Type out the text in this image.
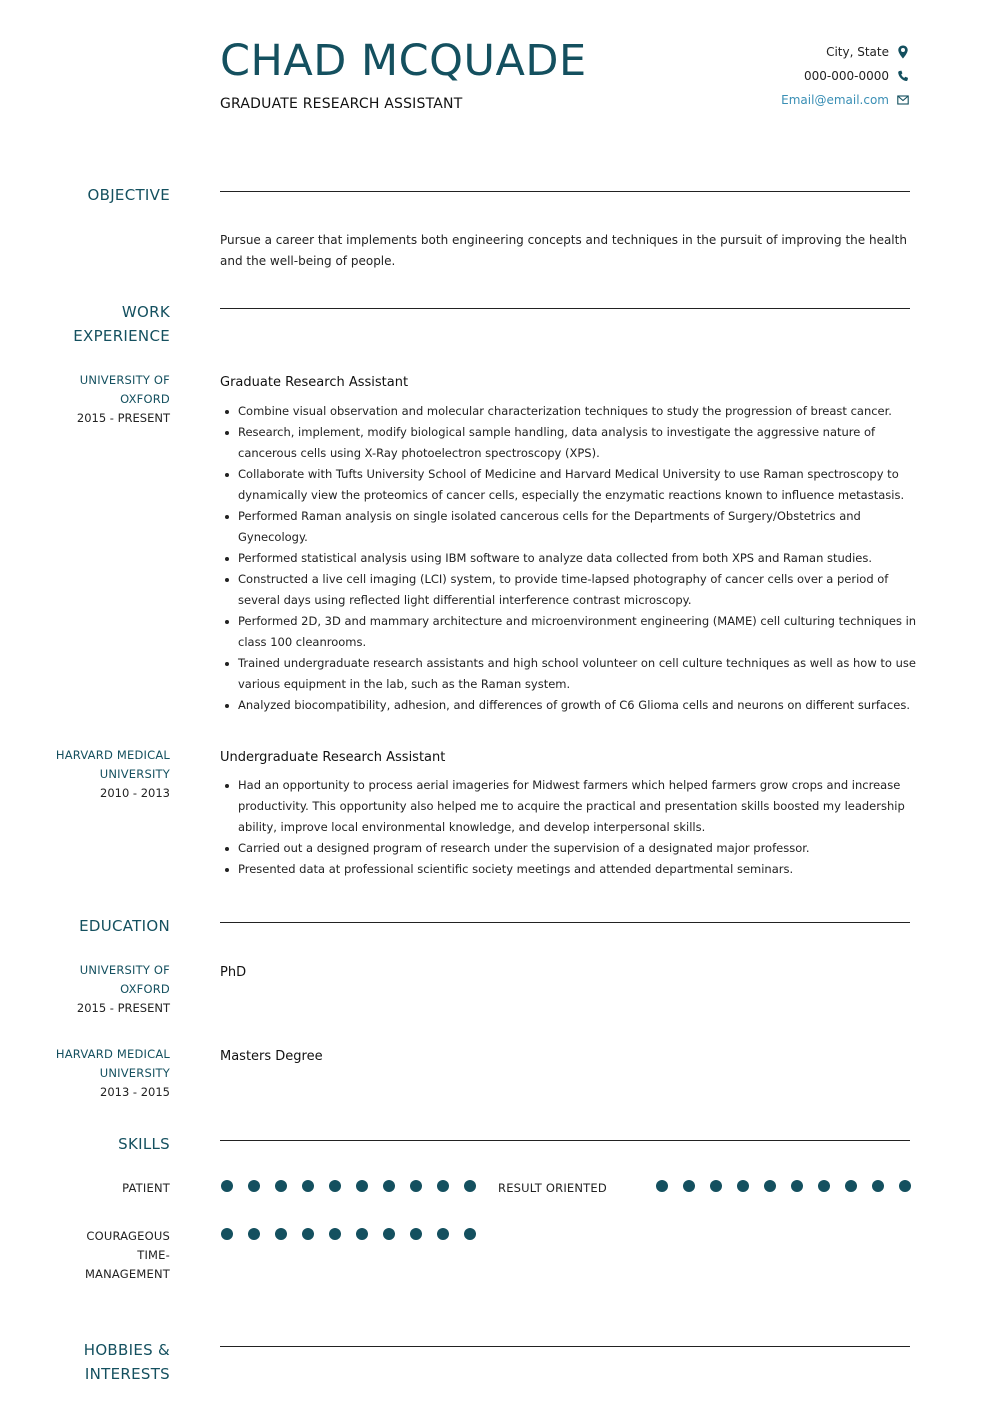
CHAD MCQUADE
GRADUATE RESEARCH ASSISTANT
City, State
000-000-0000
Email@email.com
OBJECTIVE
Pursue a career that implements both engineering concepts and techniques in the pursuit of improving the health and the well-being of people.
WORK
EXPERIENCE
UNIVERSITY OF
OXFORD
2015 - PRESENT
Graduate Research Assistant
Combine visual observation and molecular characterization techniques to study the progression of breast cancer.
Research, implement, modify biological sample handling, data analysis to investigate the aggressive nature of cancerous cells using X-Ray photoelectron spectroscopy (XPS).
Collaborate with Tufts University School of Medicine and Harvard Medical University to use Raman spectroscopy to dynamically view the proteomics of cancer cells, especially the enzymatic reactions known to influence metastasis.
Performed Raman analysis on single isolated cancerous cells for the Departments of Surgery/Obstetrics and Gynecology.
Performed statistical analysis using IBM software to analyze data collected from both XPS and Raman studies.
Constructed a live cell imaging (LCI) system, to provide time-lapsed photography of cancer cells over a period of several days using reflected light differential interference contrast microscopy.
Performed 2D, 3D and mammary architecture and microenvironment engineering (MAME) cell culturing techniques in class 100 cleanrooms.
Trained undergraduate research assistants and high school volunteer on cell culture techniques as well as how to use various equipment in the lab, such as the Raman system.
Analyzed biocompatibility, adhesion, and differences of growth of C6 Glioma cells and neurons on different surfaces.
HARVARD MEDICAL
UNIVERSITY
2010 - 2013
Undergraduate Research Assistant
Had an opportunity to process aerial imageries for Midwest farmers which helped farmers grow crops and increase productivity. This opportunity also helped me to acquire the practical and presentation skills boosted my leadership ability, improve local environmental knowledge, and develop interpersonal skills.
Carried out a designed program of research under the supervision of a designated major professor.
Presented data at professional scientific society meetings and attended departmental seminars.
EDUCATION
UNIVERSITY OF
OXFORD
2015 - PRESENT
PhD
HARVARD MEDICAL
UNIVERSITY
2013 - 2015
Masters Degree
SKILLS
PATIENT	RESULT ORIENTED
COURAGEOUS
TIME-
MANAGEMENT
HOBBIES &
INTERESTS
